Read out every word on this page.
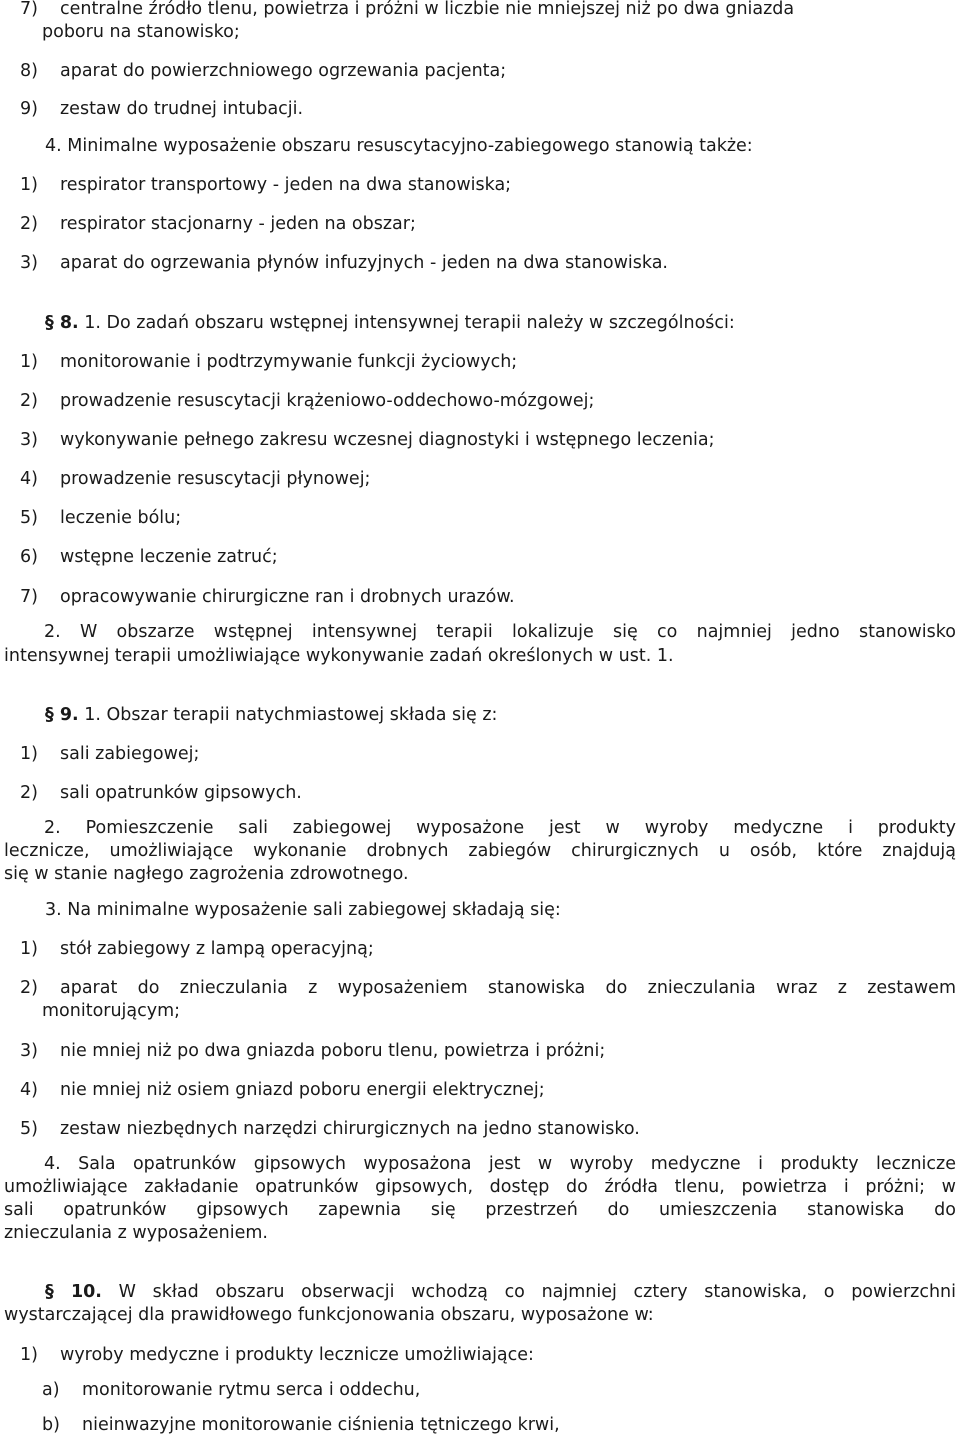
7) centralne źródło tlenu, powietrza i próżni w liczbie nie mniejszej niż po dwa gniazda
poboru na stanowisko;
8) aparat do powierzchniowego ogrzewania pacjenta;
9) zestaw do trudnej intubacji.
4. Minimalne wyposażenie obszaru resuscytacyjno-zabiegowego stanowią także:
1) respirator transportowy - jeden na dwa stanowiska;
2) respirator stacjonarny - jeden na obszar;
3) aparat do ogrzewania płynów infuzyjnych - jeden na dwa stanowiska.
§ 8. 1. Do zadań obszaru wstępnej intensywnej terapii należy w szczególności:
1) monitorowanie i podtrzymywanie funkcji życiowych;
2) prowadzenie resuscytacji krążeniowo-oddechowo-mózgowej;
3) wykonywanie pełnego zakresu wczesnej diagnostyki i wstępnego leczenia;
4) prowadzenie resuscytacji płynowej;
5) leczenie bólu;
6) wstępne leczenie zatruć;
7) opracowywanie chirurgiczne ran i drobnych urazów.
2. W obszarze wstępnej intensywnej terapii lokalizuje się co najmniej jedno stanowisko
intensywnej terapii umożliwiające wykonywanie zadań określonych w ust. 1.
§ 9. 1. Obszar terapii natychmiastowej składa się z:
1) sali zabiegowej;
2) sali opatrunków gipsowych.
2. Pomieszczenie sali zabiegowej wyposażone jest w wyroby medyczne i produkty
lecznicze, umożliwiające wykonanie drobnych zabiegów chirurgicznych u osób, które znajdują
się w stanie nagłego zagrożenia zdrowotnego.
3. Na minimalne wyposażenie sali zabiegowej składają się:
1) stół zabiegowy z lampą operacyjną;
2) aparat do znieczulania z wyposażeniem stanowiska do znieczulania wraz z zestawem
monitorującym;
3) nie mniej niż po dwa gniazda poboru tlenu, powietrza i próżni;
4) nie mniej niż osiem gniazd poboru energii elektrycznej;
5) zestaw niezbędnych narzędzi chirurgicznych na jedno stanowisko.
4. Sala opatrunków gipsowych wyposażona jest w wyroby medyczne i produkty lecznicze
umożliwiające zakładanie opatrunków gipsowych, dostęp do źródła tlenu, powietrza i próżni; w
sali opatrunków gipsowych zapewnia się przestrzeń do umieszczenia stanowiska do
znieczulania z wyposażeniem.
§ 10. W skład obszaru obserwacji wchodzą co najmniej cztery stanowiska, o powierzchni
wystarczającej dla prawidłowego funkcjonowania obszaru, wyposażone w:
1) wyroby medyczne i produkty lecznicze umożliwiające:
a) monitorowanie rytmu serca i oddechu,
b) nieinwazyjne monitorowanie ciśnienia tętniczego krwi,
